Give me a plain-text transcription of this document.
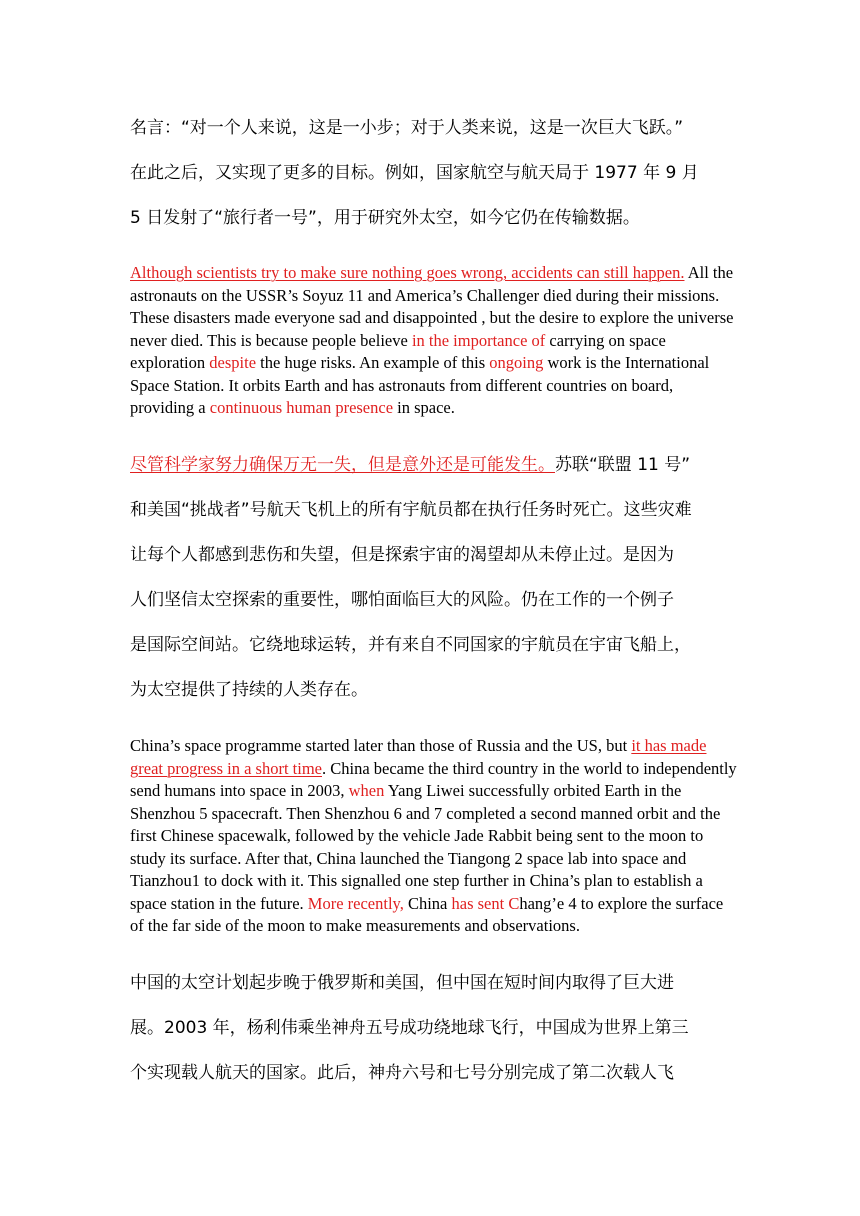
名言：“对一个人来说，这是一小步；对于人类来说，这是一次巨大飞跃。”

在此之后，又实现了更多的目标。例如，国家航空与航天局于 1977 年 9 月

5 日发射了“旅行者一号”，用于研究外太空，如今它仍在传输数据。

Although scientists try to make sure nothing goes wrong, accidents can still happen. All the astronauts on the USSR’s Soyuz 11 and America’s Challenger died during their missions. These disasters made everyone sad and disappointed , but the desire to explore the universe never died. This is because people believe in the importance of carrying on space exploration despite the huge risks. An example of this ongoing work is the International Space Station. It orbits Earth and has astronauts from different countries on board, providing a continuous human presence in space.

尽管科学家努力确保万无一失，但是意外还是可能发生。苏联“联盟 11 号”

和美国“挑战者”号航天飞机上的所有宇航员都在执行任务时死亡。这些灾难

让每个人都感到悲伤和失望，但是探索宇宙的渴望却从未停止过。是因为

人们坚信太空探索的重要性，哪怕面临巨大的风险。仍在工作的一个例子

是国际空间站。它绕地球运转，并有来自不同国家的宇航员在宇宙飞船上，

为太空提供了持续的人类存在。

China’s space programme started later than those of Russia and the US, but it has made great progress in a short time. China became the third country in the world to independently send humans into space in 2003, when Yang Liwei successfully orbited Earth in the Shenzhou 5 spacecraft. Then Shenzhou 6 and 7 completed a second manned orbit and the first Chinese spacewalk, followed by the vehicle Jade Rabbit being sent to the moon to study its surface. After that, China launched the Tiangong 2 space lab into space and Tianzhou1 to dock with it. This signalled one step further in China’s plan to establish a space station in the future. More recently, China has sent Chang’e 4 to explore the surface of the far side of the moon to make measurements and observations.

中国的太空计划起步晚于俄罗斯和美国，但中国在短时间内取得了巨大进

展。2003 年，杨利伟乘坐神舟五号成功绕地球飞行，中国成为世界上第三

个实现载人航天的国家。此后，神舟六号和七号分别完成了第二次载人飞
